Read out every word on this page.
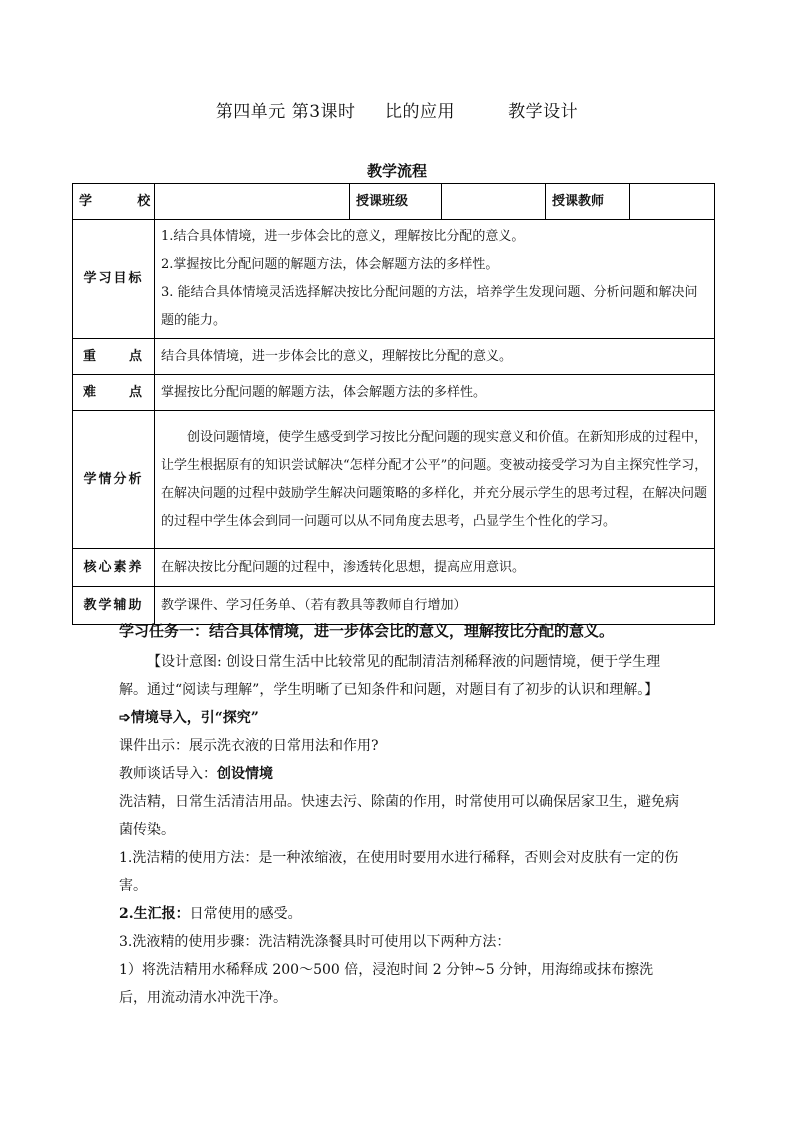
第四单元 第3课时     比的应用         教学设计
教学流程
学          校		授课班级		授课教师	
学习目标	1.结合具体情境，进一步体会比的意义，理解按比分配的意义。
2.掌握按比分配问题的解题方法，体会解题方法的多样性。
3. 能结合具体情境灵活选择解决按比分配问题的方法，培养学生发现问题、分析问题和解决问题的能力。				

重 点	结合具体情境，进一步体会比的意义，理解按比分配的意义。				

难 点	掌握按比分配问题的解题方法，体会解题方法的多样性。				
学情分析	创设问题情境，使学生感受到学习按比分配问题的现实意义和价值。在新知形成的过程中，让学生根据原有的知识尝试解决“怎样分配才公平”的问题。变被动接受学习为自主探究性学习，在解决问题的过程中鼓励学生解决问题策略的多样化，并充分展示学生的思考过程，在解决问题的过程中学生体会到同一问题可以从不同角度去思考，凸显学生个性化的学习。				

核心素养	在解决按比分配问题的过程中，渗透转化思想，提高应用意识。				
教学辅助	教学课件、学习任务单、（若有教具等教师自行增加）				
学习任务一：结合具体情境，进一步体会比的意义，理解按比分配的意义。

【设计意图: 创设日常生活中比较常见的配制清洁剂稀释液的问题情境，便于学生理解。通过“阅读与理解”，学生明晰了已知条件和问题，对题目有了初步的认识和理解。】

➩情境导入，引“探究”

课件出示：展示洗衣液的日常用法和作用?

教师谈话导入：创设情境

洗洁精，日常生活清洁用品。快速去污、除菌的作用，时常使用可以确保居家卫生，避免病菌传染。

1.洗洁精的使用方法：是一种浓缩液，在使用时要用水进行稀释，否则会对皮肤有一定的伤害。

2.生汇报：日常使用的感受。

3.洗液精的使用步骤：洗洁精洗涤餐具时可使用以下两种方法：

1）将洗洁精用水稀释成 200～500 倍，浸泡时间 2 分钟~5 分钟，用海绵或抹布擦洗后，用流动清水冲洗干净。
